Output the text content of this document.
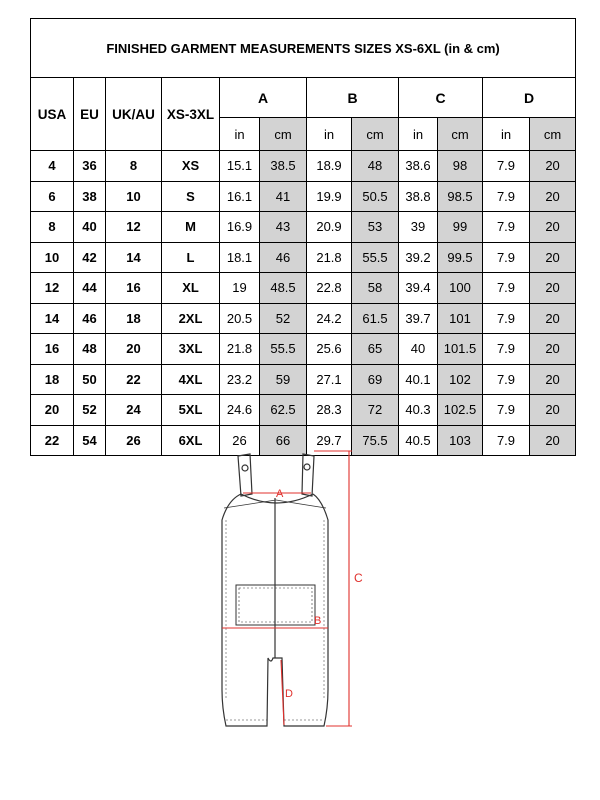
FINISHED GARMENT MEASUREMENTS SIZES XS-6XL (in & cm)											
USA	EU	UK/AU	XS-3XL	A		B		C		D	
				in	cm	in	cm	in	cm	in	cm
4	36	8	XS	15.1	38.5	18.9	48	38.6	98	7.9	20
6	38	10	S	16.1	41	19.9	50.5	38.8	98.5	7.9	20
8	40	12	M	16.9	43	20.9	53	39	99	7.9	20
10	42	14	L	18.1	46	21.8	55.5	39.2	99.5	7.9	20
12	44	16	XL	19	48.5	22.8	58	39.4	100	7.9	20
14	46	18	2XL	20.5	52	24.2	61.5	39.7	101	7.9	20
16	48	20	3XL	21.8	55.5	25.6	65	40	101.5	7.9	20
18	50	22	4XL	23.2	59	27.1	69	40.1	102	7.9	20
20	52	24	5XL	24.6	62.5	28.3	72	40.3	102.5	7.9	20
22	54	26	6XL	26	66	29.7	75.5	40.5	103	7.9	20
A
B
C
D
